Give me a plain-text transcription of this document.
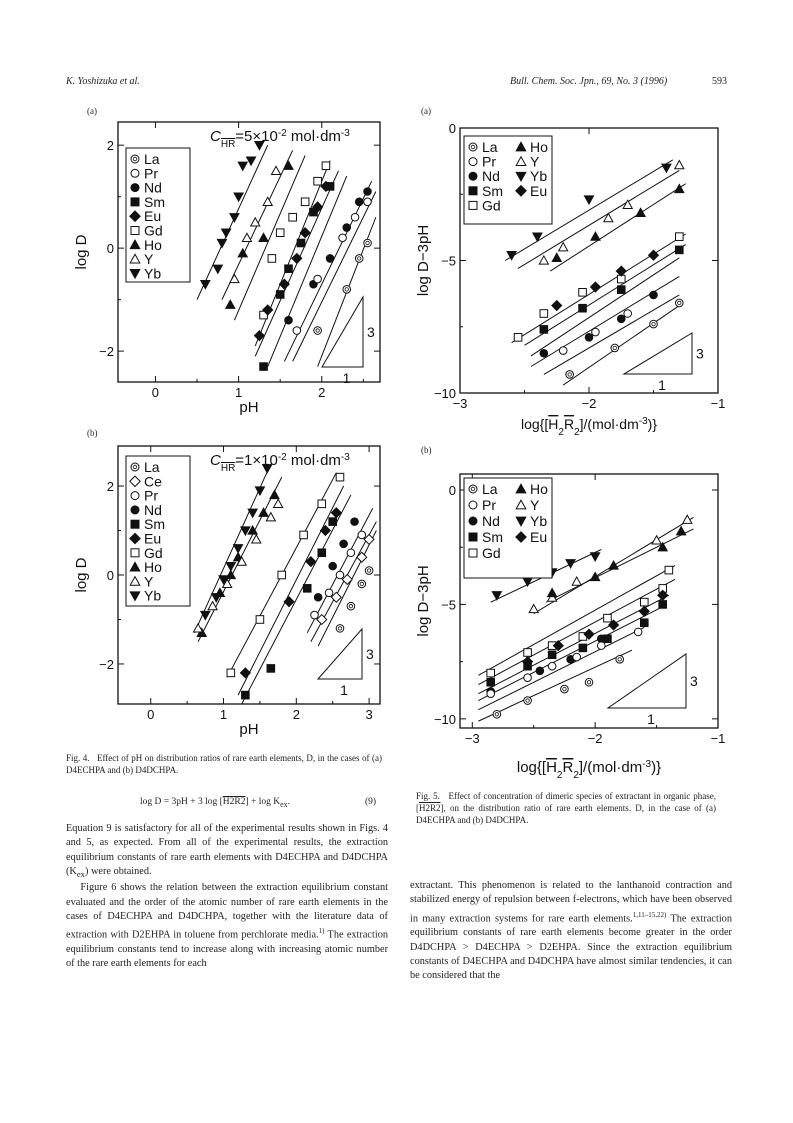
K. Yoshizuka et al.	Bull. Chem. Soc. Jpn., 69, No. 3 (1996)	593
(a)
0	1	2
−2
0
2
pH
log D
La
Pr
Nd
Sm
Eu
Gd
Ho
Y
Yb
$C_{HR}=5\times 10^{-2}$ $mol\cdot dm^{-3}$
3
1
(b)
0	1	2	3
−2
0
2
pH
log D
La
Ce
Pr
Nd
Sm
Eu
Gd
Ho
Y
Yb
$C_{HR}=1\times 10^{-2}$ $mol\cdot dm^{-3}$
3
1
(a)
−3	−2	−1
−10
−5
0
$\log\{[H_2R_2]/(mol\cdot dm^{-3})\}$
log D−3pH
La Ho
Pr Y
Nd Yb
Sm Eu
Gd
3
1
(b)
−3	−2	−1
−10
−5
0
$\log\{[H_2R_2]/(mol\cdot dm^{-3})\}$
log D−3pH
La Ho
Pr Y
Nd Yb
Sm Eu
Gd
3
1
Fig. 4. Effect of pH on distribution ratios of rare earth elements, D, in the cases of (a) D4ECHPA and (b) D4DCHPA.
log D = 3pH + 3 $\log [H2R2] + \log K_{ex}$.	(9)
Fig. 5. Effect of concentration of dimeric species of extractant in organic phase, [H2R2], on the distribution ratio of rare earth elements. D, in the case of (a) D4ECHPA and (b) D4DCHPA.

Equation 9 is satisfactory for all of the experimental results shown in Figs. 4 and 5, as expected. From all of the experimental results, the extraction equilibrium constants of rare earth elements with D4ECHPA and D4DCHPA $(K_{ex})$ were obtained.

Figure 6 shows the relation between the extraction equilibrium constant evaluated and the order of the atomic number of rare earth elements in the cases of D4ECHPA and D4DCHPA, together with the literature data of extraction with D2EHPA in toluene from perchlorate media.$^{1)}$ The extraction equilibrium constants tend to increase along with increasing atomic number of the rare earth elements for each

extractant. This phenomenon is related to the lanthanoid contraction and stabilized energy of repulsion between f-electrons, which have been observed in many extraction systems for rare earth elements.$^{1,11-15,22)}$ The extraction equilibrium constants of rare earth elements become greater in the order D4DCHPA > D4ECHPA > D2EHPA. Since the extraction equilibrium constants of D4ECHPA and D4DCHPA have almost similar tendencies, it can be considered that the
